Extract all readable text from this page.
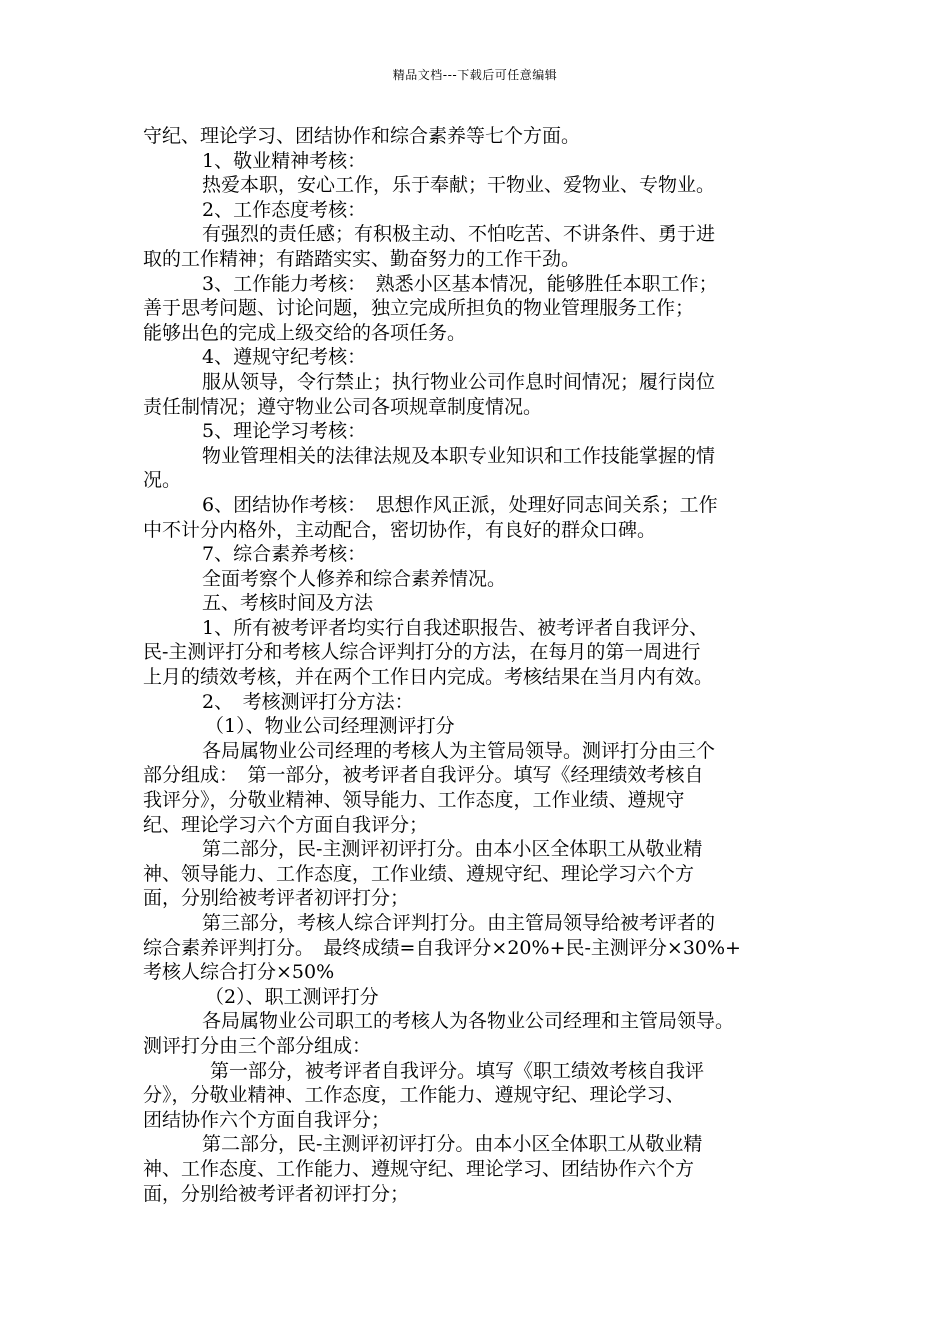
精品文档---下载后可任意编辑
守纪、理论学习、团结协作和综合素养等七个方面。
1、敬业精神考核：
热爱本职，安心工作，乐于奉献；干物业、爱物业、专物业。
2、工作态度考核：
有强烈的责任感；有积极主动、不怕吃苦、不讲条件、勇于进
取的工作精神；有踏踏实实、勤奋努力的工作干劲。
3、工作能力考核：　熟悉小区基本情况，能够胜任本职工作；
善于思考问题、讨论问题，独立完成所担负的物业管理服务工作；
能够出色的完成上级交给的各项任务。
4、遵规守纪考核：
服从领导，令行禁止；执行物业公司作息时间情况；履行岗位
责任制情况；遵守物业公司各项规章制度情况。
5、理论学习考核：
物业管理相关的法律法规及本职专业知识和工作技能掌握的情
况。
6、团结协作考核：　思想作风正派，处理好同志间关系；工作
中不计分内格外，主动配合，密切协作，有良好的群众口碑。
7、综合素养考核：
全面考察个人修养和综合素养情况。
五、考核时间及方法
1、所有被考评者均实行自我述职报告、被考评者自我评分、
民-主测评打分和考核人综合评判打分的方法，在每月的第一周进行
上月的绩效考核，并在两个工作日内完成。考核结果在当月内有效。
2、　考核测评打分方法：
（1）、物业公司经理测评打分
各局属物业公司经理的考核人为主管局领导。测评打分由三个
部分组成：　第一部分，被考评者自我评分。填写《经理绩效考核自
我评分》，分敬业精神、领导能力、工作态度，工作业绩、遵规守
纪、理论学习六个方面自我评分；
第二部分，民-主测评初评打分。由本小区全体职工从敬业精
神、领导能力、工作态度，工作业绩、遵规守纪、理论学习六个方
面，分别给被考评者初评打分；
第三部分，考核人综合评判打分。由主管局领导给被考评者的
综合素养评判打分。　最终成绩=自我评分×20%+民-主测评分×30%+
考核人综合打分×50%
（2）、职工测评打分
各局属物业公司职工的考核人为各物业公司经理和主管局领导。
测评打分由三个部分组成：
第一部分，被考评者自我评分。填写《职工绩效考核自我评
分》，分敬业精神、工作态度，工作能力、遵规守纪、理论学习、
团结协作六个方面自我评分；
第二部分，民-主测评初评打分。由本小区全体职工从敬业精
神、工作态度、工作能力、遵规守纪、理论学习、团结协作六个方
面，分别给被考评者初评打分；
